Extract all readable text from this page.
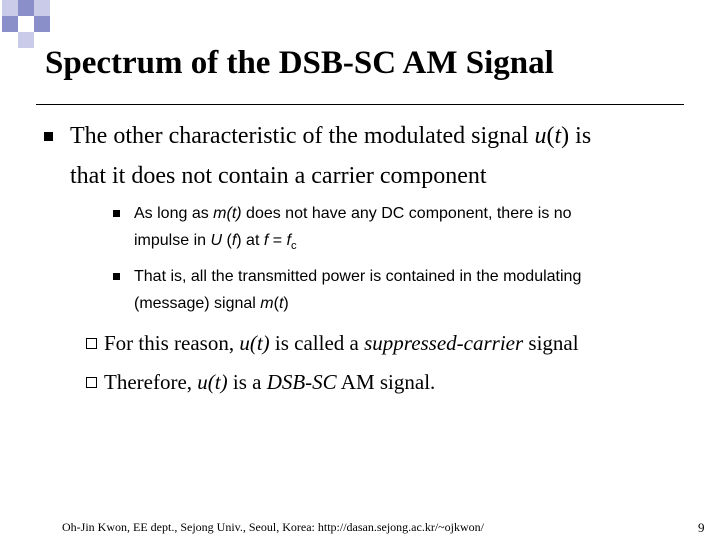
Spectrum of the DSB-SC AM Signal
The other characteristic of the modulated signal u(t) is
that it does not contain a carrier component
As long as m(t) does not have any DC component, there is no
impulse in U (f) at $f = f_c$
That is, all the transmitted power is contained in the modulating
(message) signal m(t)
For this reason, u(t) is called a suppressed-carrier signal
Therefore, u(t) is a DSB-SC AM signal.
Oh-Jin Kwon, EE dept., Sejong Univ., Seoul, Korea: http://dasan.sejong.ac.kr/~ojkwon/	9
